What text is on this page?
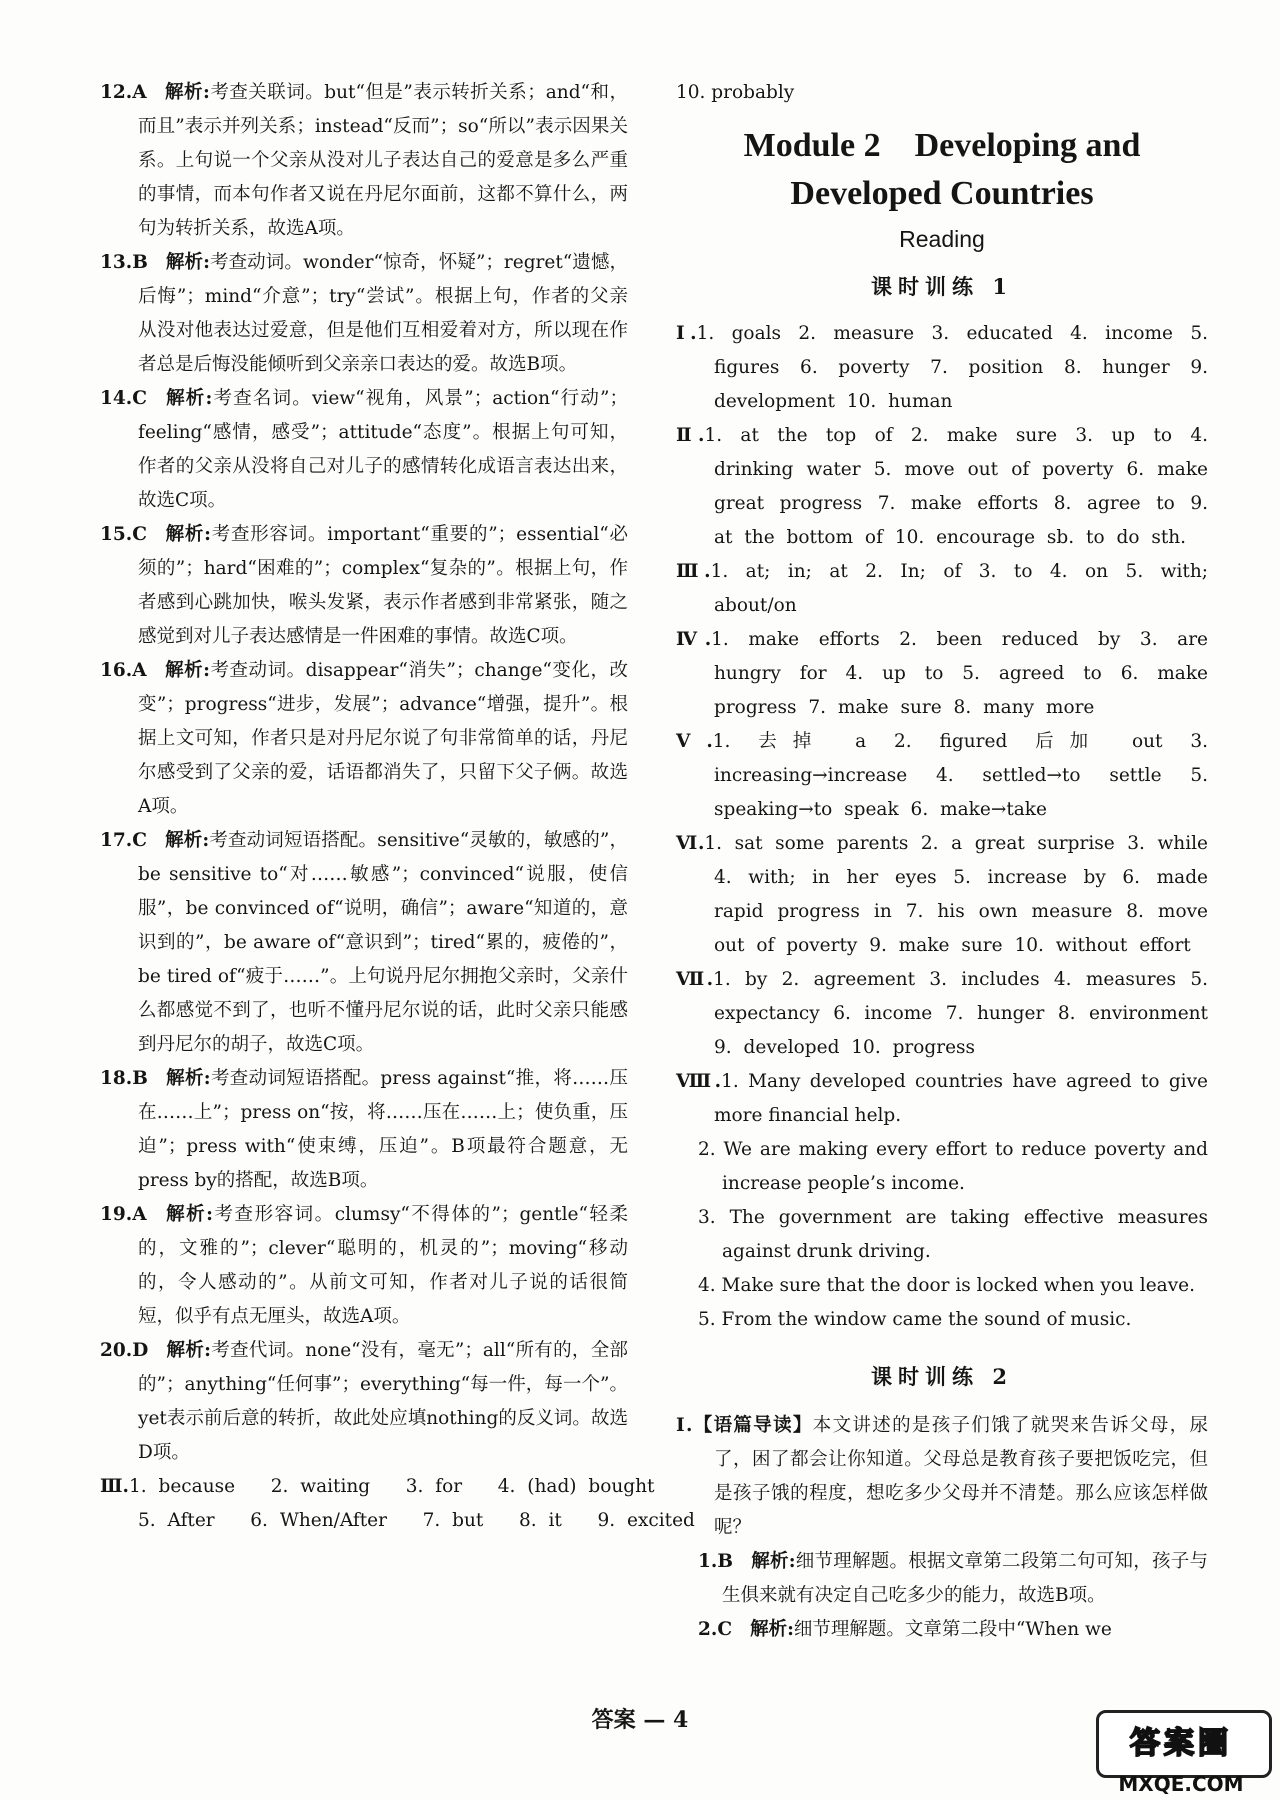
12.A 解析:考查关联词。but“但是”表示转折关系；and“和，而且”表示并列关系；instead“反而”；so“所以”表示因果关系。上句说一个父亲从没对儿子表达自己的爱意是多么严重的事情，而本句作者又说在丹尼尔面前，这都不算什么，两句为转折关系，故选A项。

13.B 解析:考查动词。wonder“惊奇，怀疑”；regret“遗憾，后悔”；mind“介意”；try“尝试”。根据上句，作者的父亲从没对他表达过爱意，但是他们互相爱着对方，所以现在作者总是后悔没能倾听到父亲亲口表达的爱。故选B项。

14.C 解析:考查名词。view“视角，风景”；action“行动”；feeling“感情，感受”；attitude“态度”。根据上句可知，作者的父亲从没将自己对儿子的感情转化成语言表达出来，故选C项。

15.C 解析:考查形容词。important“重要的”；essential“必须的”；hard“困难的”；complex“复杂的”。根据上句，作者感到心跳加快，喉头发紧，表示作者感到非常紧张，随之感觉到对儿子表达感情是一件困难的事情。故选C项。

16.A 解析:考查动词。disappear“消失”；change“变化，改变”；progress“进步，发展”；advance“增强，提升”。根据上文可知，作者只是对丹尼尔说了句非常简单的话，丹尼尔感受到了父亲的爱，话语都消失了，只留下父子俩。故选A项。

17.C 解析:考查动词短语搭配。sensitive“灵敏的，敏感的”，be sensitive to“对……敏感”；convinced“说服，使信服”，be convinced of“说明，确信”；aware“知道的，意识到的”，be aware of“意识到”；tired“累的，疲倦的”，be tired of“疲于……”。上句说丹尼尔拥抱父亲时，父亲什么都感觉不到了，也听不懂丹尼尔说的话，此时父亲只能感到丹尼尔的胡子，故选C项。

18.B 解析:考查动词短语搭配。press against“推，将……压在……上”；press on“按，将……压在……上；使负重，压迫”；press with“使束缚，压迫”。B项最符合题意，无press by的搭配，故选B项。

19.A 解析:考查形容词。clumsy“不得体的”；gentle“轻柔的，文雅的”；clever“聪明的，机灵的”；moving“移动的，令人感动的”。从前文可知，作者对儿子说的话很简短，似乎有点无厘头，故选A项。

20.D 解析:考查代词。none“没有，毫无”；all“所有的，全部的”；anything“任何事”；everything“每一件，每一个”。yet表示前后意的转折，故此处应填nothing的反义词。故选D项。

Ⅲ.1. because   2. waiting   3. for   4. (had) bought

5. After   6. When/After   7. but   8. it   9. excited

10. probably

Module 2    Developing and
Developed Countries
Reading
课时训练 1

Ⅰ.1. goals 2. measure 3. educated 4. income 5. figures 6. poverty 7. position 8. hunger 9. development 10. human

Ⅱ.1. at the top of 2. make sure 3. up to 4. drinking water 5. move out of poverty 6. make great progress 7. make efforts 8. agree to 9. at the bottom of 10. encourage sb. to do sth.

Ⅲ.1. at; in; at 2. In; of 3. to 4. on 5. with; about/on

Ⅳ.1. make efforts 2. been reduced by 3. are hungry for 4. up to 5. agreed to 6. make progress 7. make sure 8. many more

Ⅴ.1. 去掉 a 2. figured 后加 out 3. increasing→increase 4. settled→to settle 5. speaking→to speak 6. make→take

Ⅵ.1. sat some parents 2. a great surprise 3. while 4. with; in her eyes 5. increase by 6. made rapid progress in 7. his own measure 8. move out of poverty 9. make sure 10. without effort

Ⅶ.1. by 2. agreement 3. includes 4. measures 5. expectancy 6. income 7. hunger 8. environment 9. developed 10. progress

Ⅷ.1. Many developed countries have agreed to give more financial help.

2. We are making every effort to reduce poverty and increase people’s income.

3. The government are taking effective measures against drunk driving.

4. Make sure that the door is locked when you leave.

5. From the window came the sound of music.

课时训练 2

Ⅰ.【语篇导读】本文讲述的是孩子们饿了就哭来告诉父母，尿了，困了都会让你知道。父母总是教育孩子要把饭吃完，但是孩子饿的程度，想吃多少父母并不清楚。那么应该怎样做呢？

1.B 解析:细节理解题。根据文章第二段第二句可知，孩子与生俱来就有决定自己吃多少的能力，故选B项。

2.C 解析:细节理解题。文章第二段中“When we

答案 — 4
答案圈
MXQE.COM
